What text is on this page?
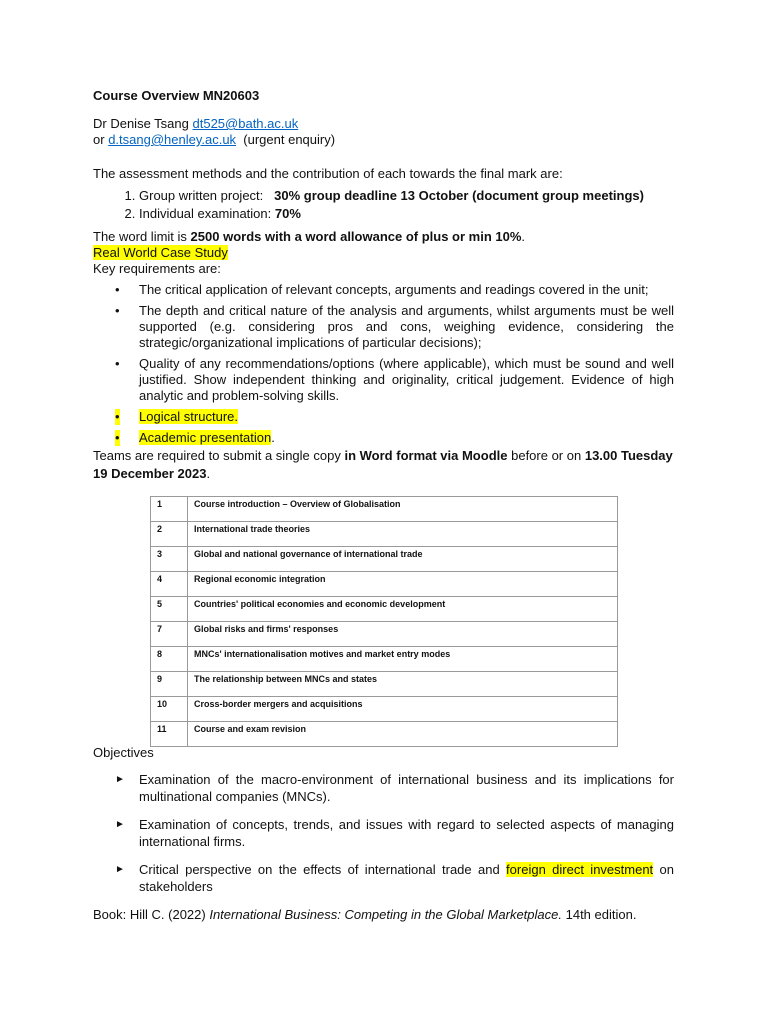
Course Overview MN20603

Dr Denise Tsang dt525@bath.ac.uk

or d.tsang@henley.ac.uk (urgent enquiry)

The assessment methods and the contribution of each towards the final mark are:

1. Group written project: 30% group deadline 13 October (document group meetings)
2. Individual examination: 70%

The word limit is 2500 words with a word allowance of plus or min 10%.

Real World Case Study

Key requirements are:

• The critical application of relevant concepts, arguments and readings covered in the unit;
• The depth and critical nature of the analysis and arguments, whilst arguments must be well supported (e.g. considering pros and cons, weighing evidence, considering the strategic/organizational implications of particular decisions);
• Quality of any recommendations/options (where applicable), which must be sound and well justified. Show independent thinking and originality, critical judgement. Evidence of high analytic and problem-solving skills.
• Logical structure.
• Academic presentation.

Teams are required to submit a single copy in Word format via Moodle before or on 13.00 Tuesday 19 December 2023.

1	Course introduction – Overview of Globalisation
2	International trade theories
3	Global and national governance of international trade
4	Regional economic integration
5	Countries' political economies and economic development
7	Global risks and firms' responses
8	MNCs' internationalisation motives and market entry modes
9	The relationship between MNCs and states
10	Cross-border mergers and acquisitions
11	Course and exam revision

Objectives

► Examination of the macro-environment of international business and its implications for multinational companies (MNCs).
► Examination of concepts, trends, and issues with regard to selected aspects of managing international firms.
► Critical perspective on the effects of international trade and foreign direct investment on stakeholders

Book: Hill C. (2022) International Business: Competing in the Global Marketplace. 14th edition.
